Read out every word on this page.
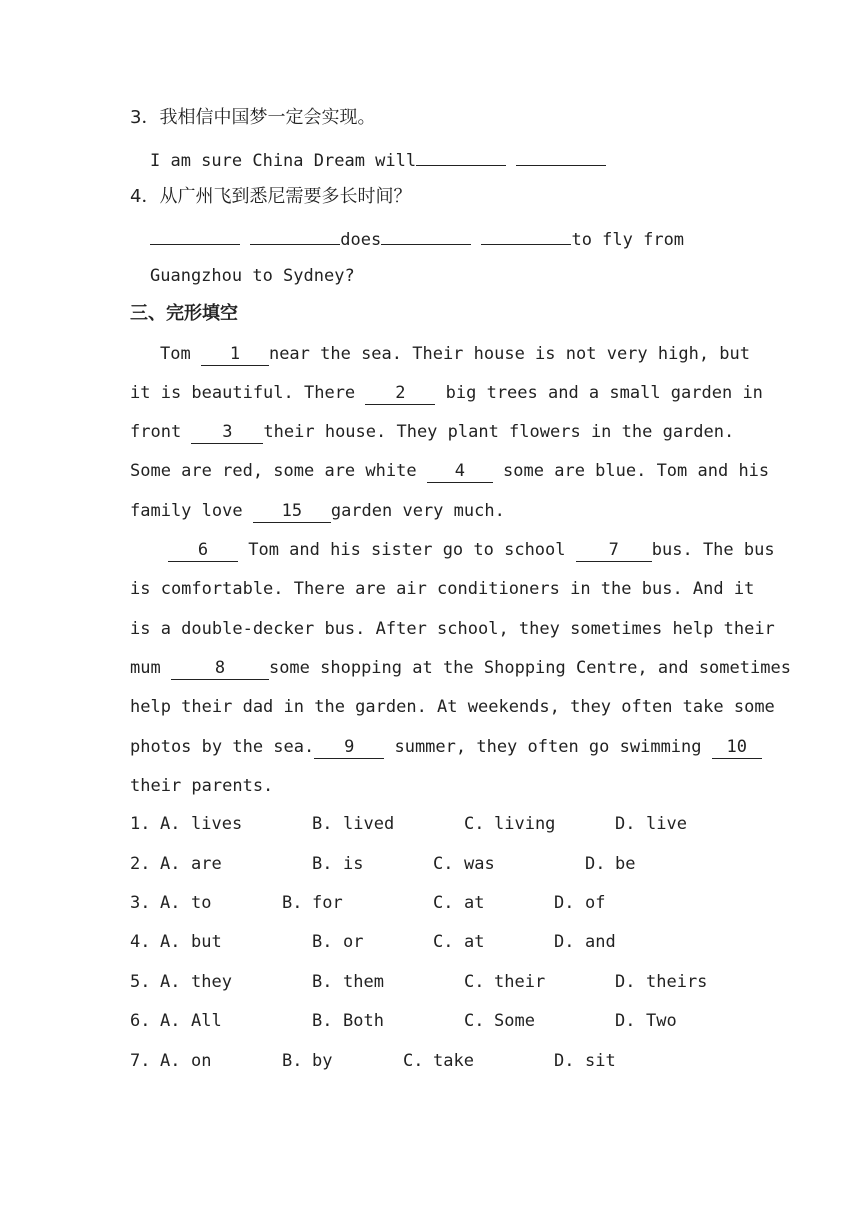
3．我相信中国梦一定会实现。
I am sure China Dream will
4．从广州飞到悉尼需要多长时间？
does	to fly from
Guangzhou to Sydney?
三、完形填空
Tom 1 near the sea. Their house is not very high, but
it is beautiful. There 2 big trees and a small garden in
front 3 their house. They plant flowers in the garden.
Some are red, some are white 4 some are blue. Tom and his
family love 15 garden very much.
6 Tom and his sister go to school 7 bus. The bus
is comfortable. There are air conditioners in the bus. And it
is a double-decker bus. After school, they sometimes help their
mum	8	some shopping at the Shopping Centre, and sometimes
help their dad in the garden. At weekends, they often take some
photos by the sea. 9 summer, they often go swimming 10
their parents.
1. A. lives	B. lived	C. living	D. live
2. A. are	B. is	C. was	D. be
3. A. to	B. for	C. at	D. of
4. A. but	B. or	C. at	D. and
5. A. they	B. them	C. their	D. theirs
6. A. All	B. Both	C. Some	D. Two
7. A. on	B. by	C. take	D. sit
